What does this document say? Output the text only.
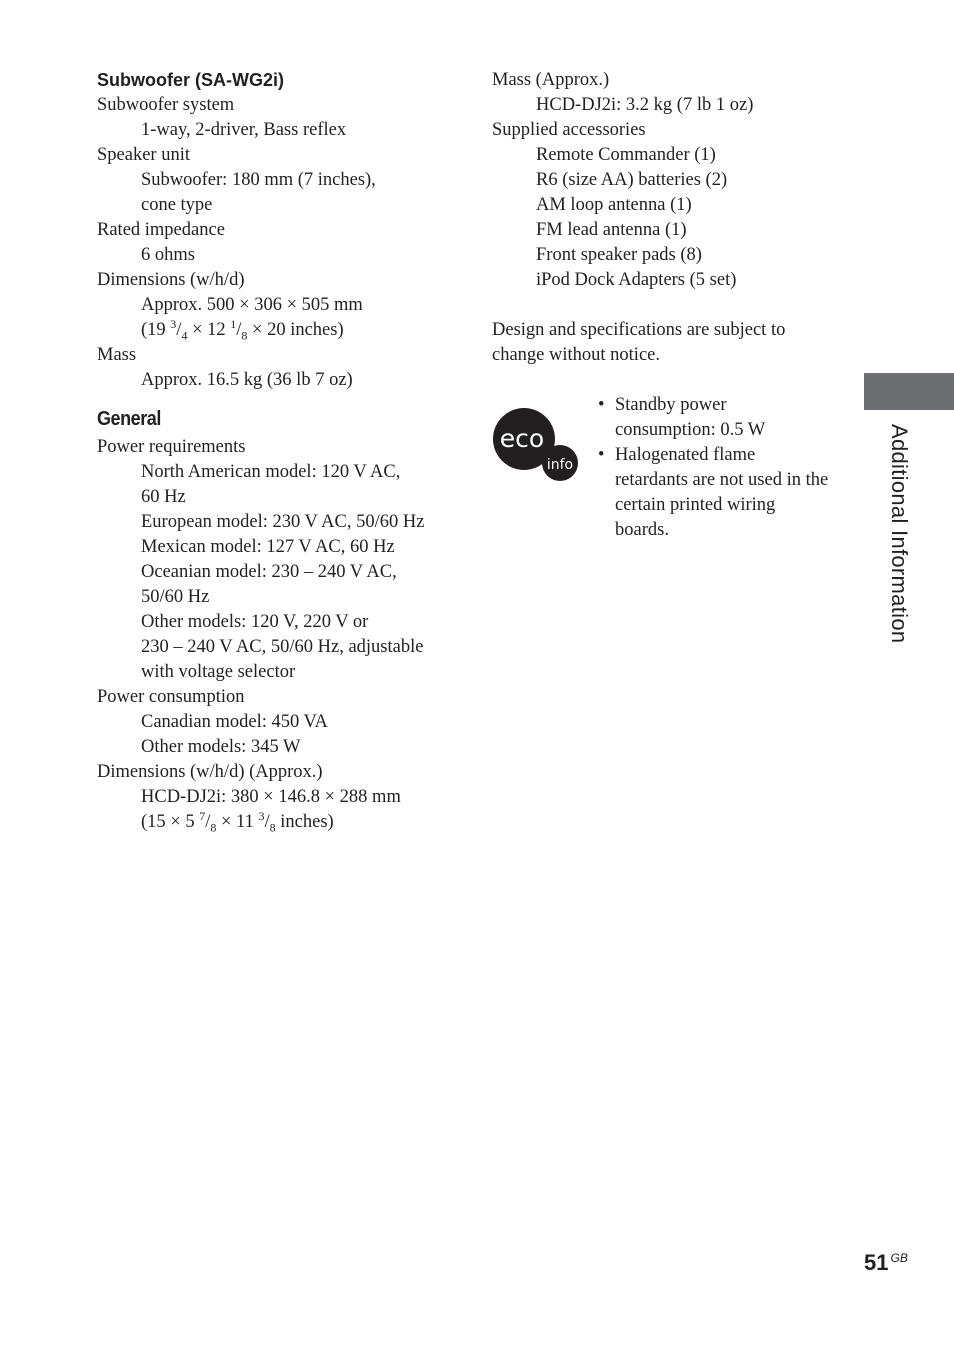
Subwoofer (SA-WG2i)
Subwoofer system
1-way, 2-driver, Bass reflex
Speaker unit
Subwoofer: 180 mm (7 inches),
cone type
Rated impedance
6 ohms
Dimensions (w/h/d)
Approx. 500 × 306 × 505 mm
(19 $^3/_4 \times 12$ $^1/_8 \times 20$ inches)
Mass
Approx. 16.5 kg (36 lb 7 oz)
General
Power requirements
North American model: 120 V AC,
60 Hz
European model: 230 V AC, 50/60 Hz
Mexican model: 127 V AC, 60 Hz
Oceanian model: 230 – 240 V AC,
50/60 Hz
Other models: 120 V, 220 V or
230 – 240 V AC, 50/60 Hz, adjustable
with voltage selector
Power consumption
Canadian model: 450 VA
Other models: 345 W
Dimensions (w/h/d) (Approx.)
HCD-DJ2i: 380 × 146.8 × 288 mm
(15 × 5 $^7/_8 \times 11$ $^3/_8$ inches)
Mass (Approx.)
HCD-DJ2i: 3.2 kg (7 lb 1 oz)
Supplied accessories
Remote Commander (1)
R6 (size AA) batteries (2)
AM loop antenna (1)
FM lead antenna (1)
Front speaker pads (8)
iPod Dock Adapters (5 set)
Design and specifications are subject to
change without notice.
eco
info
• Standby power
consumption: 0.5 W
• Halogenated flame
retardants are not used in the
certain printed wiring
boards.	Additional Information
51 $^{GB}$
